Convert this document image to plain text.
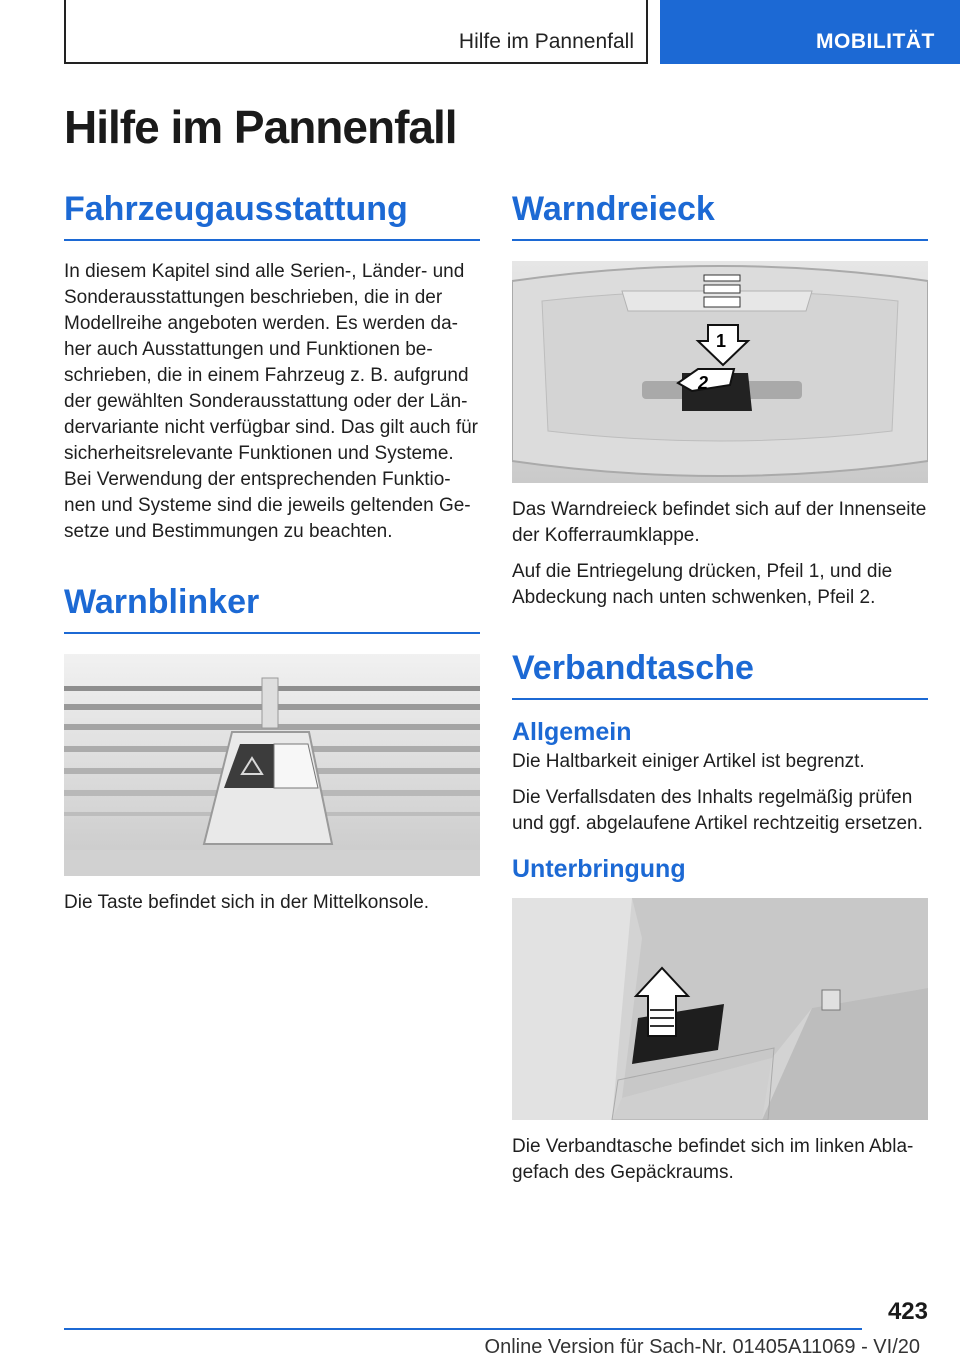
Hilfe im Pannenfall	MOBILITÄT
Hilfe im Pannenfall
Fahrzeugausstattung

In diesem Kapitel sind alle Serien-, Länder- und
Sonderausstattungen beschrieben, die in der
Modellreihe angeboten werden. Es werden da-
her auch Ausstattungen und Funktionen be-
schrieben, die in einem Fahrzeug z. B. aufgrund
der gewählten Sonderausstattung oder der Län-
dervariante nicht verfügbar sind. Das gilt auch für
sicherheitsrelevante Funktionen und Systeme.
Bei Verwendung der entsprechenden Funktio-
nen und Systeme sind die jeweils geltenden Ge-
setze und Bestimmungen zu beachten.

Warnblinker

Die Taste befindet sich in der Mittelkonsole.

Warndreieck
1
2

Das Warndreieck befindet sich auf der Innenseite
der Kofferraumklappe.

Auf die Entriegelung drücken, Pfeil 1, und die
Abdeckung nach unten schwenken, Pfeil 2.

Verbandtasche
Allgemein

Die Haltbarkeit einiger Artikel ist begrenzt.

Die Verfallsdaten des Inhalts regelmäßig prüfen
und ggf. abgelaufene Artikel rechtzeitig ersetzen.

Unterbringung

Die Verbandtasche befindet sich im linken Abla-
gefach des Gepäckraums.

423
Online Version für Sach-Nr. 01405A11069 - VI/20
